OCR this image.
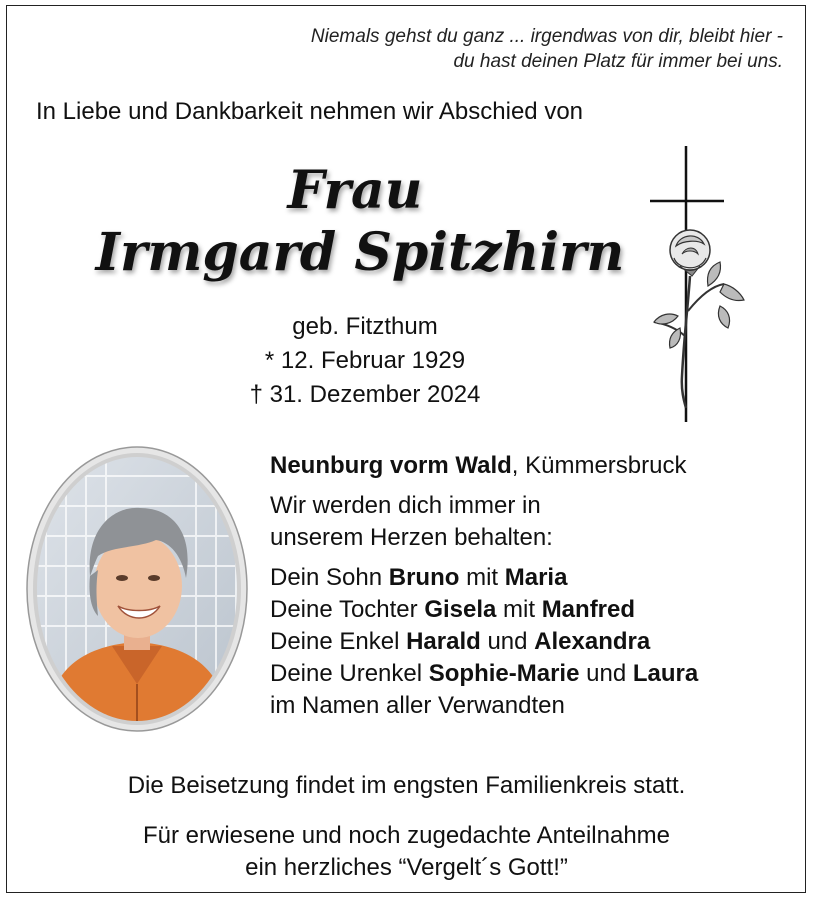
Niemals gehst du ganz ... irgendwas von dir, bleibt hier -
du hast deinen Platz für immer bei uns.
In Liebe und Dankbarkeit nehmen wir Abschied von
Frau
Irmgard Spitzhirn
geb. Fitzthum
* 12. Februar 1929
† 31. Dezember 2024
Neunburg vorm Wald, Kümmersbruck
Wir werden dich immer in
unserem Herzen behalten:
Dein Sohn Bruno mit Maria
Deine Tochter Gisela mit Manfred
Deine Enkel Harald und Alexandra
Deine Urenkel Sophie-Marie und Laura
im Namen aller Verwandten
Die Beisetzung findet im engsten Familienkreis statt.
Für erwiesene und noch zugedachte Anteilnahme
ein herzliches “Vergelt´s Gott!”
